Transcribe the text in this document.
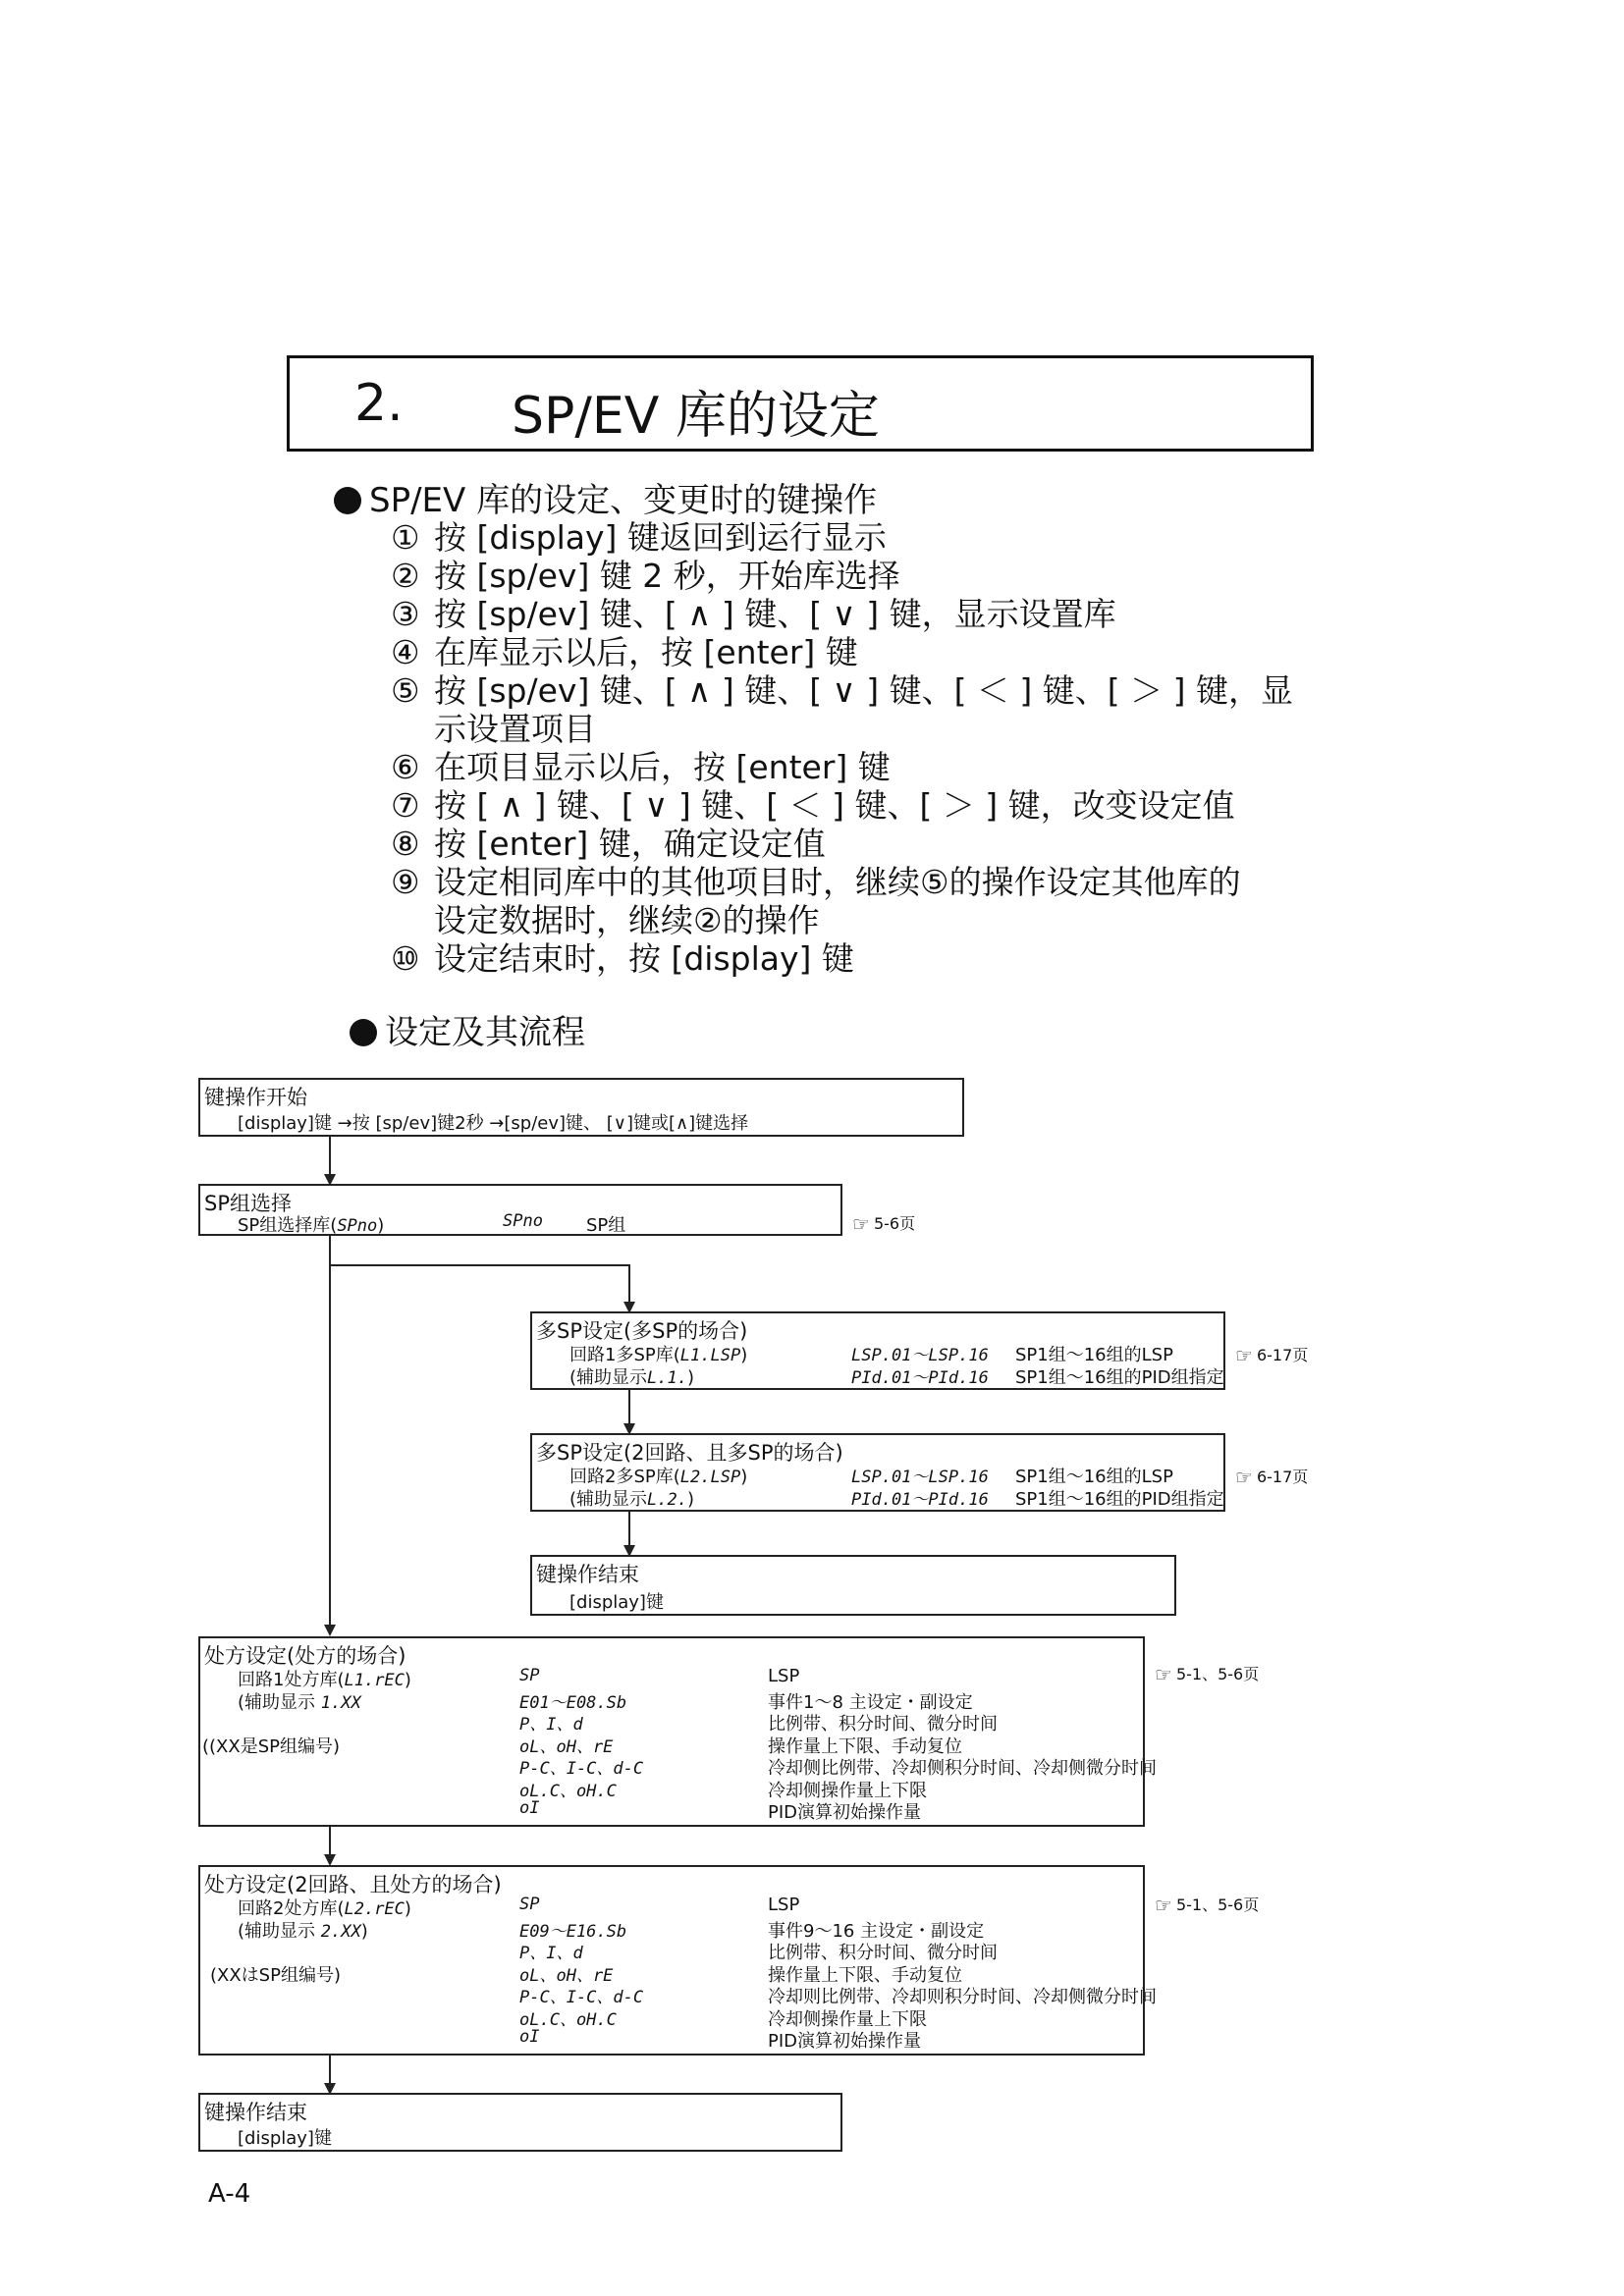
2. SP/EV 库的设定
SP/EV 库的设定、变更时的键操作
① 按 [display] 键返回到运行显示
② 按 [sp/ev] 键 2 秒，开始库选择
③ 按 [sp/ev] 键、[ ∧ ] 键、[ ∨ ] 键，显示设置库
④ 在库显示以后，按 [enter] 键
⑤ 按 [sp/ev] 键、[ ∧ ] 键、[ ∨ ] 键、[ ＜ ] 键、[ ＞ ] 键，显
示设置项目
⑥ 在项目显示以后，按 [enter] 键
⑦ 按 [ ∧ ] 键、[ ∨ ] 键、[ ＜ ] 键、[ ＞ ] 键，改变设定值
⑧ 按 [enter] 键，确定设定值
⑨ 设定相同库中的其他项目时，继续⑤的操作设定其他库的
设定数据时，继续②的操作
⑩ 设定结束时，按 [display] 键
设定及其流程
键操作开始
[display]键 →按 [sp/ev]键2秒 →[sp/ev]键、 [∨]键或[∧]键选择
SP组选择
SP组选择库(SPno)	SPno SP组	☞ 5-6页
多SP设定(多SP的场合)
回路1多SP库(L1.LSP)	LSP.01～LSP.16 SP1组～16组的LSP
(辅助显示L.1.)	PId.01～PId.16 SP1组～16组的PID组指定
☞ 6-17页
多SP设定(2回路、且多SP的场合)
回路2多SP库(L2.LSP)	LSP.01～LSP.16 SP1组～16组的LSP
(辅助显示L.2.)	PId.01～PId.16 SP1组～16组的PID组指定
☞ 6-17页
键操作结束
[display]键
处方设定(处方的场合)
回路1处方库(L1.rEC)
(辅助显示 1.XX
((XX是SP组编号)
SP	LSP
E01～E08.Sb	事件1～8 主设定・副设定
P、I、d	比例带、积分时间、微分时间
oL、oH、rE	操作量上下限、手动复位
P-C、I-C、d-C	冷却侧比例带、冷却侧积分时间、冷却侧微分时间
oL.C、oH.C	冷却侧操作量上下限
oI	PID演算初始操作量
☞ 5-1、5-6页
处方设定(2回路、且处方的场合)
回路2处方库(L2.rEC)
(辅助显示 2.XX)
(XXはSP组编号)
SP	LSP
E09～E16.Sb	事件9～16 主设定・副设定
P、I、d	比例带、积分时间、微分时间
oL、oH、rE	操作量上下限、手动复位
P-C、I-C、d-C	冷却则比例带、冷却则积分时间、冷却侧微分时间
oL.C、oH.C	冷却侧操作量上下限
oI	PID演算初始操作量
☞ 5-1、5-6页
键操作结束
[display]键
A-4
